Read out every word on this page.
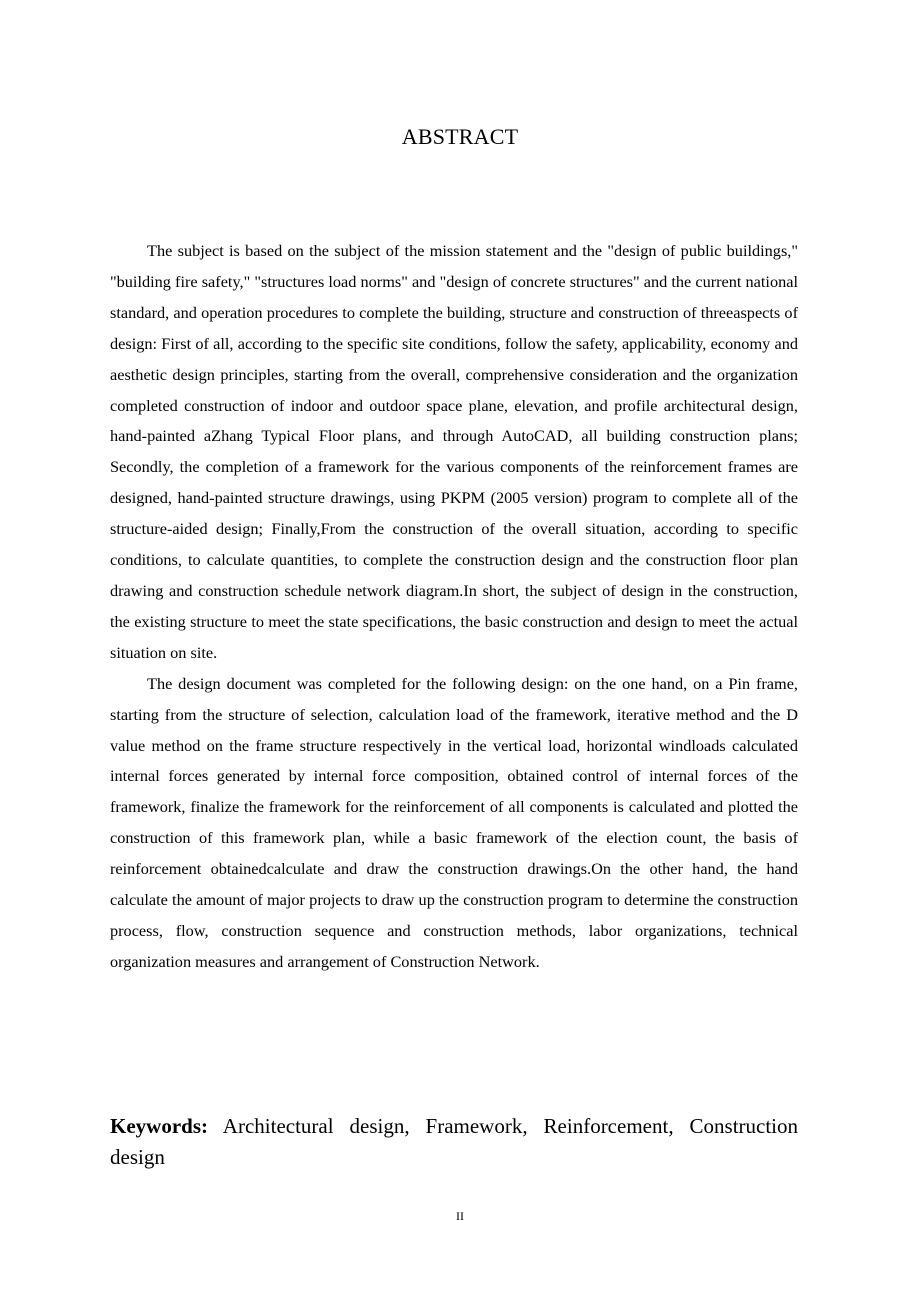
ABSTRACT

The subject is based on the subject of the mission statement and the "design of public buildings," "building fire safety," "structures load norms" and "design of concrete structures" and the current national standard, and operation procedures to complete the building, structure and construction of threeaspects of design: First of all, according to the specific site conditions, follow the safety, applicability, economy and aesthetic design principles, starting from the overall, comprehensive consideration and the organization completed construction of indoor and outdoor space plane, elevation, and profile architectural design, hand-painted aZhang Typical Floor plans, and through AutoCAD, all building construction plans; Secondly, the completion of a framework for the various components of the reinforcement frames are designed, hand-painted structure drawings, using PKPM (2005 version) program to complete all of the structure-aided design; Finally,From the construction of the overall situation, according to specific conditions, to calculate quantities, to complete the construction design and the construction floor plan drawing and construction schedule network diagram.In short, the subject of design in the construction, the existing structure to meet the state specifications, the basic construction and design to meet the actual situation on site.

The design document was completed for the following design: on the one hand, on a Pin frame, starting from the structure of selection, calculation load of the framework, iterative method and the D value method on the frame structure respectively in the vertical load, horizontal windloads calculated internal forces generated by internal force composition, obtained control of internal forces of the framework, finalize the framework for the reinforcement of all components is calculated and plotted the construction of this framework plan, while a basic framework of the election count, the basis of reinforcement obtainedcalculate and draw the construction drawings.On the other hand, the hand calculate the amount of major projects to draw up the construction program to determine the construction process, flow, construction sequence and construction methods, labor organizations, technical organization measures and arrangement of Construction Network.

Keywords: Architectural design, Framework, Reinforcement, Construction design

II
